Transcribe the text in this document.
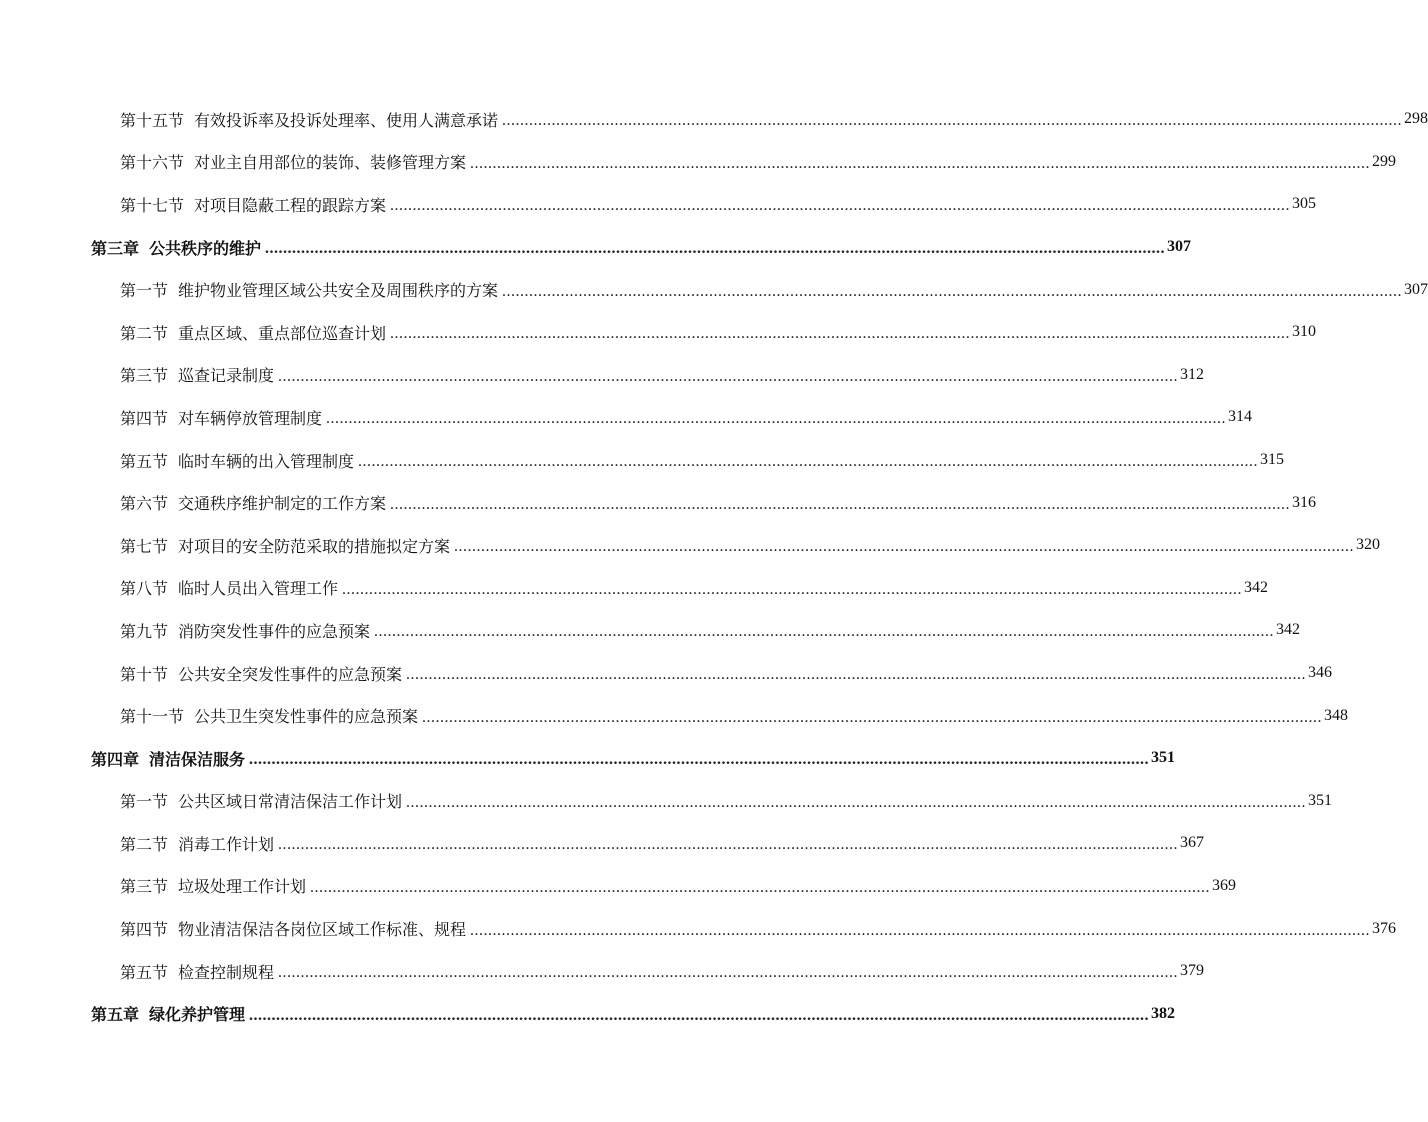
第十五节 有效投诉率及投诉处理率、使用人满意承诺 ........................................................................................................................................................................................................ 298
第十六节 对业主自用部位的装饰、装修管理方案 ........................................................................................................................................................................................................ 299
第十七节 对项目隐蔽工程的跟踪方案 ........................................................................................................................................................................................................ 305
第三章 公共秩序的维护 ........................................................................................................................................................................................................ 307
第一节 维护物业管理区域公共安全及周围秩序的方案 ........................................................................................................................................................................................................ 307
第二节 重点区域、重点部位巡查计划 ........................................................................................................................................................................................................ 310
第三节 巡查记录制度 ........................................................................................................................................................................................................ 312
第四节 对车辆停放管理制度 ........................................................................................................................................................................................................ 314
第五节 临时车辆的出入管理制度 ........................................................................................................................................................................................................ 315
第六节 交通秩序维护制定的工作方案 ........................................................................................................................................................................................................ 316
第七节 对项目的安全防范采取的措施拟定方案 ........................................................................................................................................................................................................ 320
第八节 临时人员出入管理工作 ........................................................................................................................................................................................................ 342
第九节 消防突发性事件的应急预案 ........................................................................................................................................................................................................ 342
第十节 公共安全突发性事件的应急预案 ........................................................................................................................................................................................................ 346
第十一节 公共卫生突发性事件的应急预案 ........................................................................................................................................................................................................ 348
第四章 清洁保洁服务 ........................................................................................................................................................................................................ 351
第一节 公共区域日常清洁保洁工作计划 ........................................................................................................................................................................................................ 351
第二节 消毒工作计划 ........................................................................................................................................................................................................ 367
第三节 垃圾处理工作计划 ........................................................................................................................................................................................................ 369
第四节 物业清洁保洁各岗位区域工作标准、规程 ........................................................................................................................................................................................................ 376
第五节 检查控制规程 ........................................................................................................................................................................................................ 379
第五章 绿化养护管理 ........................................................................................................................................................................................................ 382
